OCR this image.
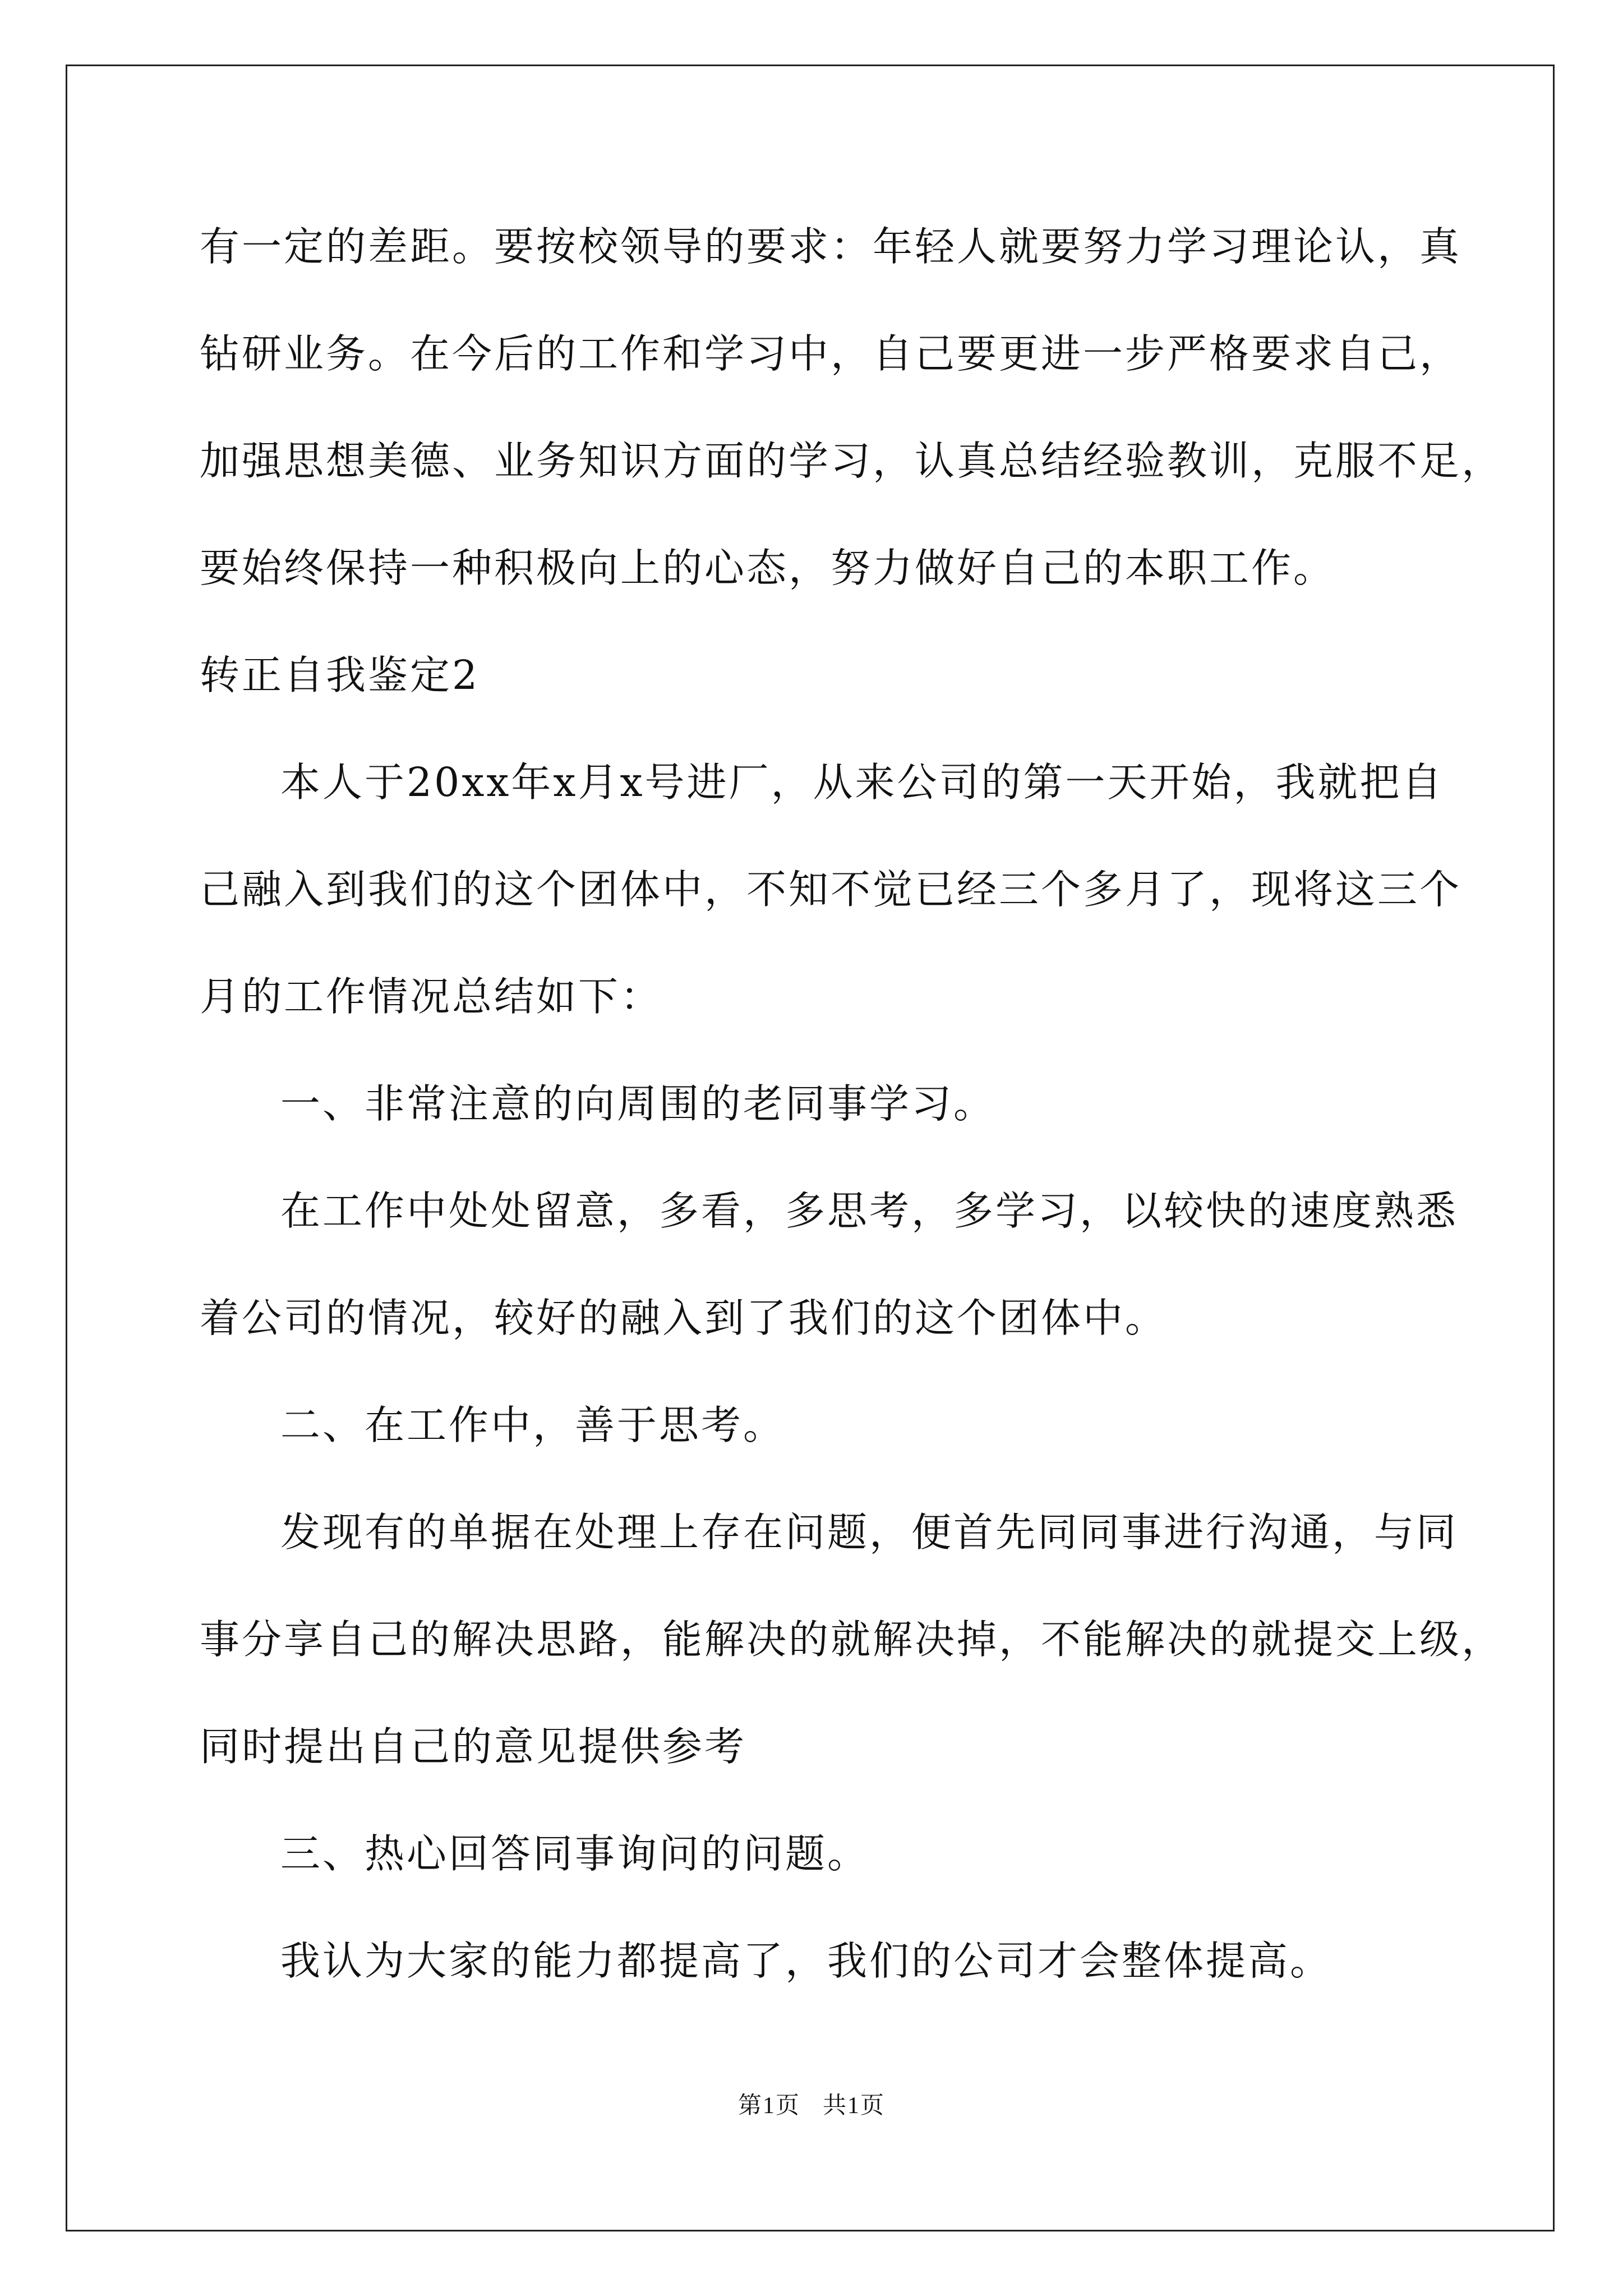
有一定的差距。要按校领导的要求：年轻人就要努力学习理论认，真
钻研业务。在今后的工作和学习中，自己要更进一步严格要求自己，
加强思想美德、业务知识方面的学习，认真总结经验教训，克服不足，
要始终保持一种积极向上的心态，努力做好自己的本职工作。
转正自我鉴定2
本人于20xx年x月x号进厂，从来公司的第一天开始，我就把自
己融入到我们的这个团体中，不知不觉已经三个多月了，现将这三个
月的工作情况总结如下：
一、非常注意的向周围的老同事学习。
在工作中处处留意，多看，多思考，多学习，以较快的速度熟悉
着公司的情况，较好的融入到了我们的这个团体中。
二、在工作中，善于思考。
发现有的单据在处理上存在问题，便首先同同事进行沟通，与同
事分享自己的解决思路，能解决的就解决掉，不能解决的就提交上级，
同时提出自己的意见提供参考
三、热心回答同事询问的问题。
我认为大家的能力都提高了，我们的公司才会整体提高。
第1页 共1页
